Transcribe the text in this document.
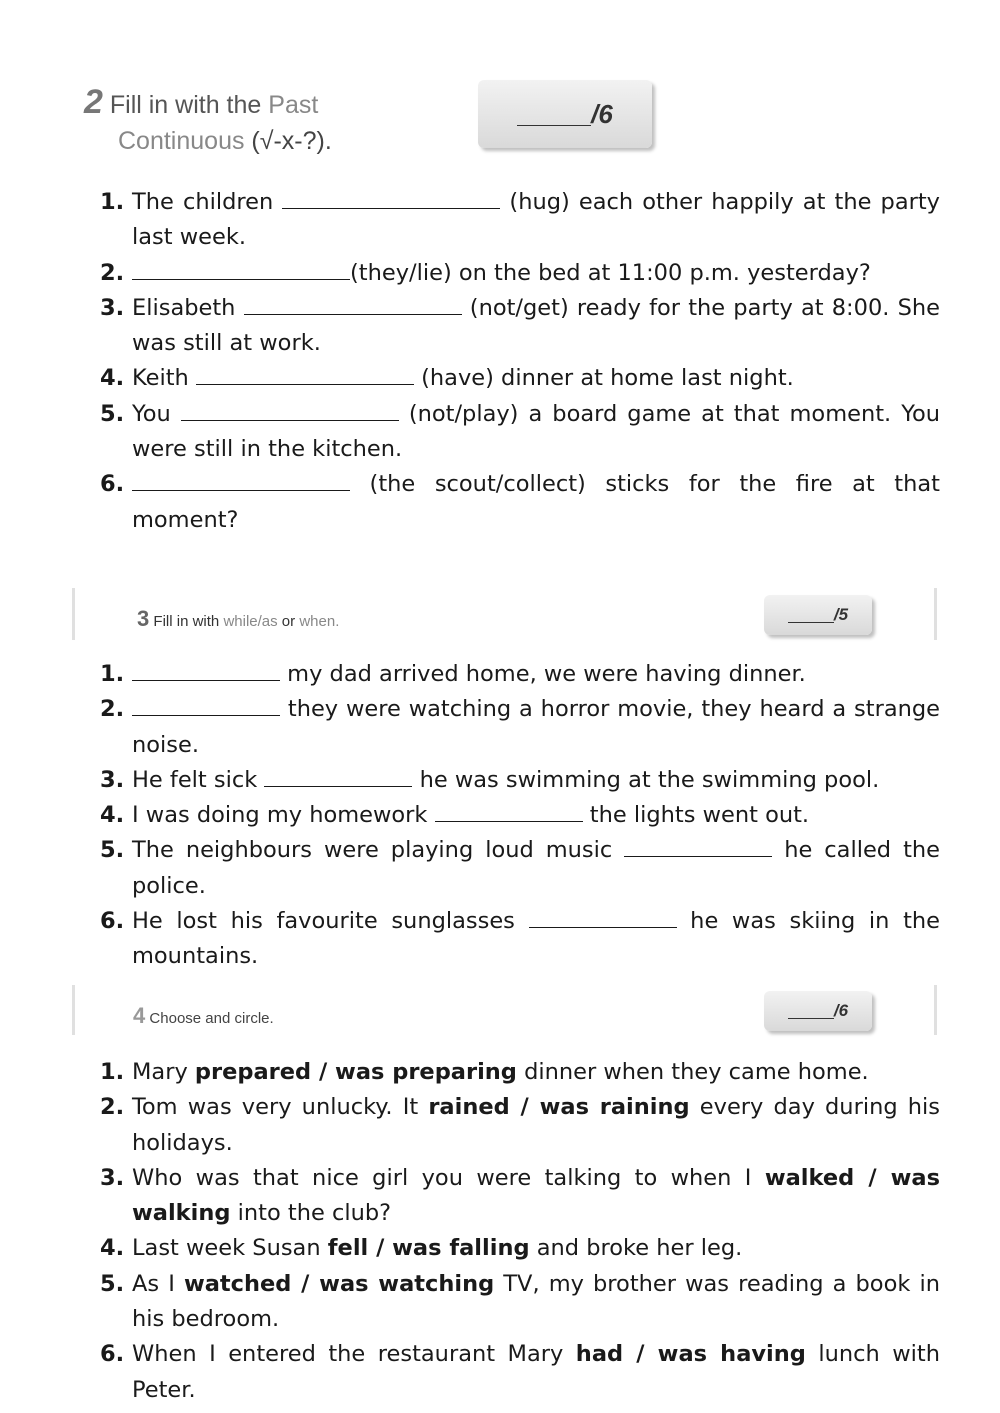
2 Fill in with the Past
Continuous (√-x-?).
/6
1. The children	(hug) each other happily at the party last week.
2.	(they/lie) on the bed at 11:00 p.m. yesterday?
3. Elisabeth	(not/get) ready for the party at 8:00. She was still at work.
4. Keith	(have) dinner at home last night.
5. You	(not/play) a board game at that moment. You were still in the kitchen.
6.	(the scout/collect) sticks for the fire at that moment?
3 Fill in with while/as or when.	/5
1.	my dad arrived home, we were having dinner.
2.	they were watching a horror movie, they heard a strange noise.
3. He felt sick	he was swimming at the swimming pool.
4. I was doing my homework	the lights went out.
5. The neighbours were playing loud music	he called the police.
6. He lost his favourite sunglasses	he was skiing in the mountains.
4 Choose and circle.	/6
1. Mary prepared / was preparing dinner when they came home.
2. Tom was very unlucky. It rained / was raining every day during his holidays.
3. Who was that nice girl you were talking to when I walked / was walking into the club?
4. Last week Susan fell / was falling and broke her leg.
5. As I watched / was watching TV, my brother was reading a book in his bedroom.
6. When I entered the restaurant Mary had / was having lunch with Peter.
